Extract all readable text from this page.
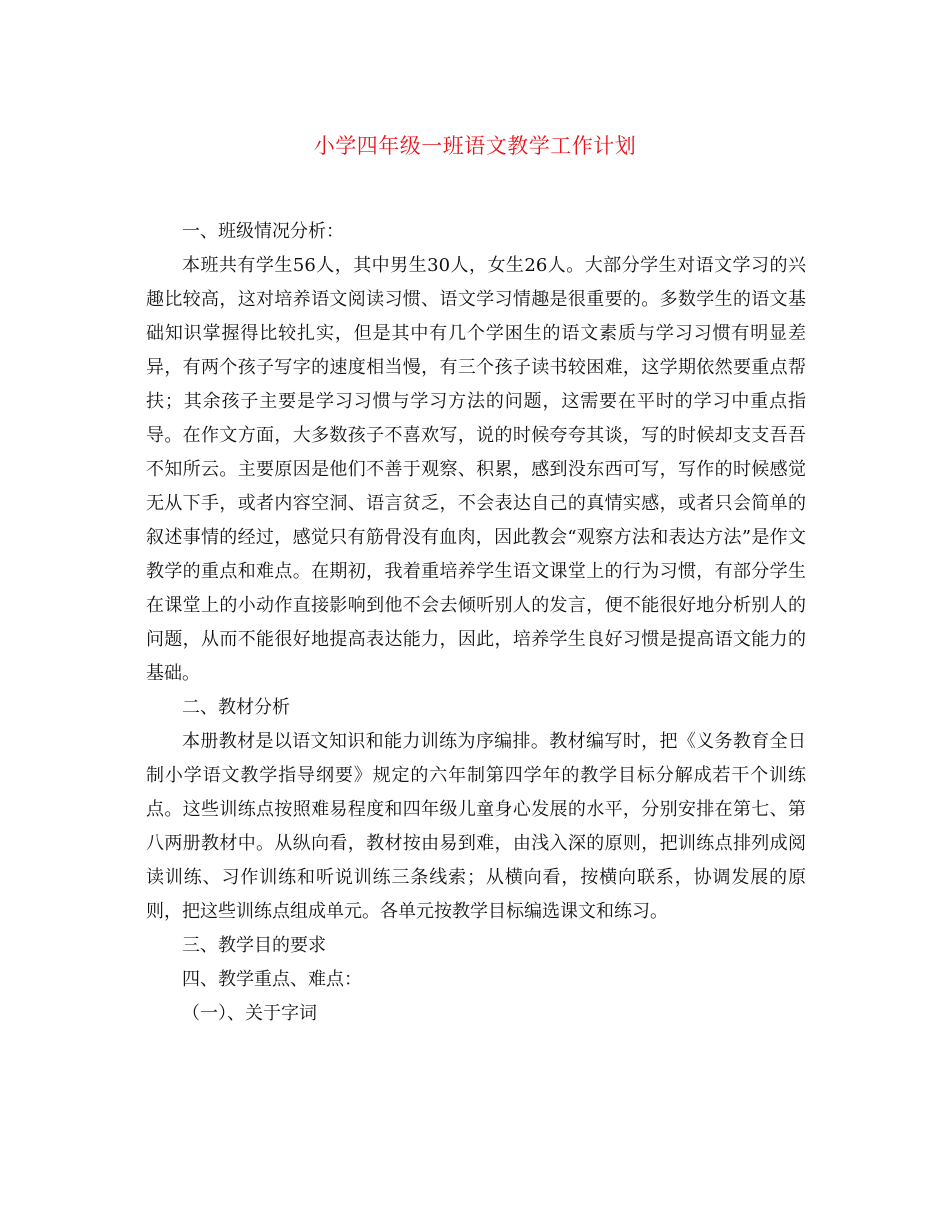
小学四年级一班语文教学工作计划

一、班级情况分析：

本班共有学生56人，其中男生30人，女生26人。大部分学生对语文学习的兴趣比较高，这对培养语文阅读习惯、语文学习情趣是很重要的。多数学生的语文基础知识掌握得比较扎实，但是其中有几个学困生的语文素质与学习习惯有明显差异，有两个孩子写字的速度相当慢，有三个孩子读书较困难，这学期依然要重点帮扶；其余孩子主要是学习习惯与学习方法的问题，这需要在平时的学习中重点指导。在作文方面，大多数孩子不喜欢写，说的时候夸夸其谈，写的时候却支支吾吾不知所云。主要原因是他们不善于观察、积累，感到没东西可写，写作的时候感觉无从下手，或者内容空洞、语言贫乏，不会表达自己的真情实感，或者只会简单的叙述事情的经过，感觉只有筋骨没有血肉，因此教会“观察方法和表达方法”是作文教学的重点和难点。在期初，我着重培养学生语文课堂上的行为习惯，有部分学生在课堂上的小动作直接影响到他不会去倾听别人的发言，便不能很好地分析别人的问题，从而不能很好地提高表达能力，因此，培养学生良好习惯是提高语文能力的基础。

二、教材分析

本册教材是以语文知识和能力训练为序编排。教材编写时，把《义务教育全日制小学语文教学指导纲要》规定的六年制第四学年的教学目标分解成若干个训练点。这些训练点按照难易程度和四年级儿童身心发展的水平，分别安排在第七、第八两册教材中。从纵向看，教材按由易到难，由浅入深的原则，把训练点排列成阅读训练、习作训练和听说训练三条线索；从横向看，按横向联系，协调发展的原则，把这些训练点组成单元。各单元按教学目标编选课文和练习。

三、教学目的要求

四、教学重点、难点：

（一）、关于字词
